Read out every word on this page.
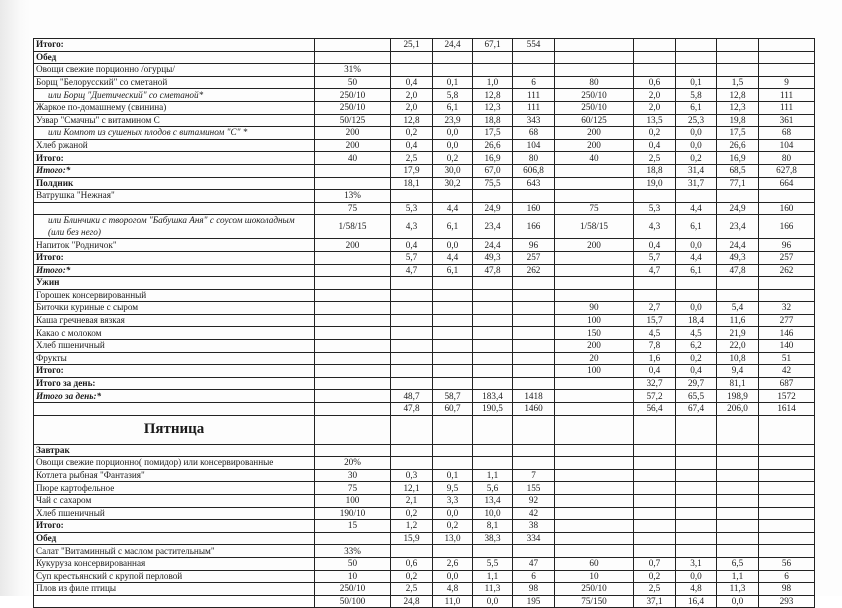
Итого:		25,1	24,4	67,1	554					
Обед										
Овощи свежие порционно /огурцы/	31%									
Борщ "Белорусский" со сметаной	50	0,4	0,1	1,0	6	80	0,6	0,1	1,5	9
или Борщ "Диетический" со сметаной*	250/10	2,0	5,8	12,8	111	250/10	2,0	5,8	12,8	111
Жаркое по-домашнему (свинина)	250/10	2,0	6,1	12,3	111	250/10	2,0	6,1	12,3	111
Узвар "Смачны" с витамином С	50/125	12,8	23,9	18,8	343	60/125	13,5	25,3	19,8	361
или Компот из сушеных плодов с витамином "С" *	200	0,2	0,0	17,5	68	200	0,2	0,0	17,5	68
Хлеб ржаной	200	0,4	0,0	26,6	104	200	0,4	0,0	26,6	104
Итого:	40	2,5	0,2	16,9	80	40	2,5	0,2	16,9	80
Итого:*		17,9	30,0	67,0	606,8		18,8	31,4	68,5	627,8
Полдник		18,1	30,2	75,5	643		19,0	31,7	77,1	664
Ватрушка "Нежная"	13%									
	75	5,3	4,4	24,9	160	75	5,3	4,4	24,9	160
или Блинчики с творогом "Бабушка Аня" с соусом шоколадным (или без него)	1/58/15	4,3	6,1	23,4	166	1/58/15	4,3	6,1	23,4	166
Напиток "Родничок"	200	0,4	0,0	24,4	96	200	0,4	0,0	24,4	96
Итого:		5,7	4,4	49,3	257		5,7	4,4	49,3	257
Итого:*		4,7	6,1	47,8	262		4,7	6,1	47,8	262
Ужин										
Горошек консервированный										
Биточки куриные с сыром						90	2,7	0,0	5,4	32
Каша гречневая вязкая						100	15,7	18,4	11,6	277
Какао с молоком						150	4,5	4,5	21,9	146
Хлеб пшеничный						200	7,8	6,2	22,0	140
Фрукты						20	1,6	0,2	10,8	51
Итого:						100	0,4	0,4	9,4	42
Итого за день:							32,7	29,7	81,1	687
Итого за день:*		48,7	58,7	183,4	1418		57,2	65,5	198,9	1572
		47,8	60,7	190,5	1460		56,4	67,4	206,0	1614
Пятница										
Завтрак										
Овощи свежие порционно( помидор) или консервированные	20%									
Котлета рыбная "Фантазия"	30	0,3	0,1	1,1	7					
Пюре картофельное	75	12,1	9,5	5,6	155					
Чай с сахаром	100	2,1	3,3	13,4	92					
Хлеб пшеничный	190/10	0,2	0,0	10,0	42					
Итого:	15	1,2	0,2	8,1	38					
Обед		15,9	13,0	38,3	334					
Салат "Витаминный с маслом растительным"	33%									
Кукуруза консервированная	50	0,6	2,6	5,5	47	60	0,7	3,1	6,5	56
Суп крестьянский с крупой перловой	10	0,2	0,0	1,1	6	10	0,2	0,0	1,1	6
Плов из филе птицы	250/10	2,5	4,8	11,3	98	250/10	2,5	4,8	11,3	98
	50/100	24,8	11,0	0,0	195	75/150	37,1	16,4	0,0	293
